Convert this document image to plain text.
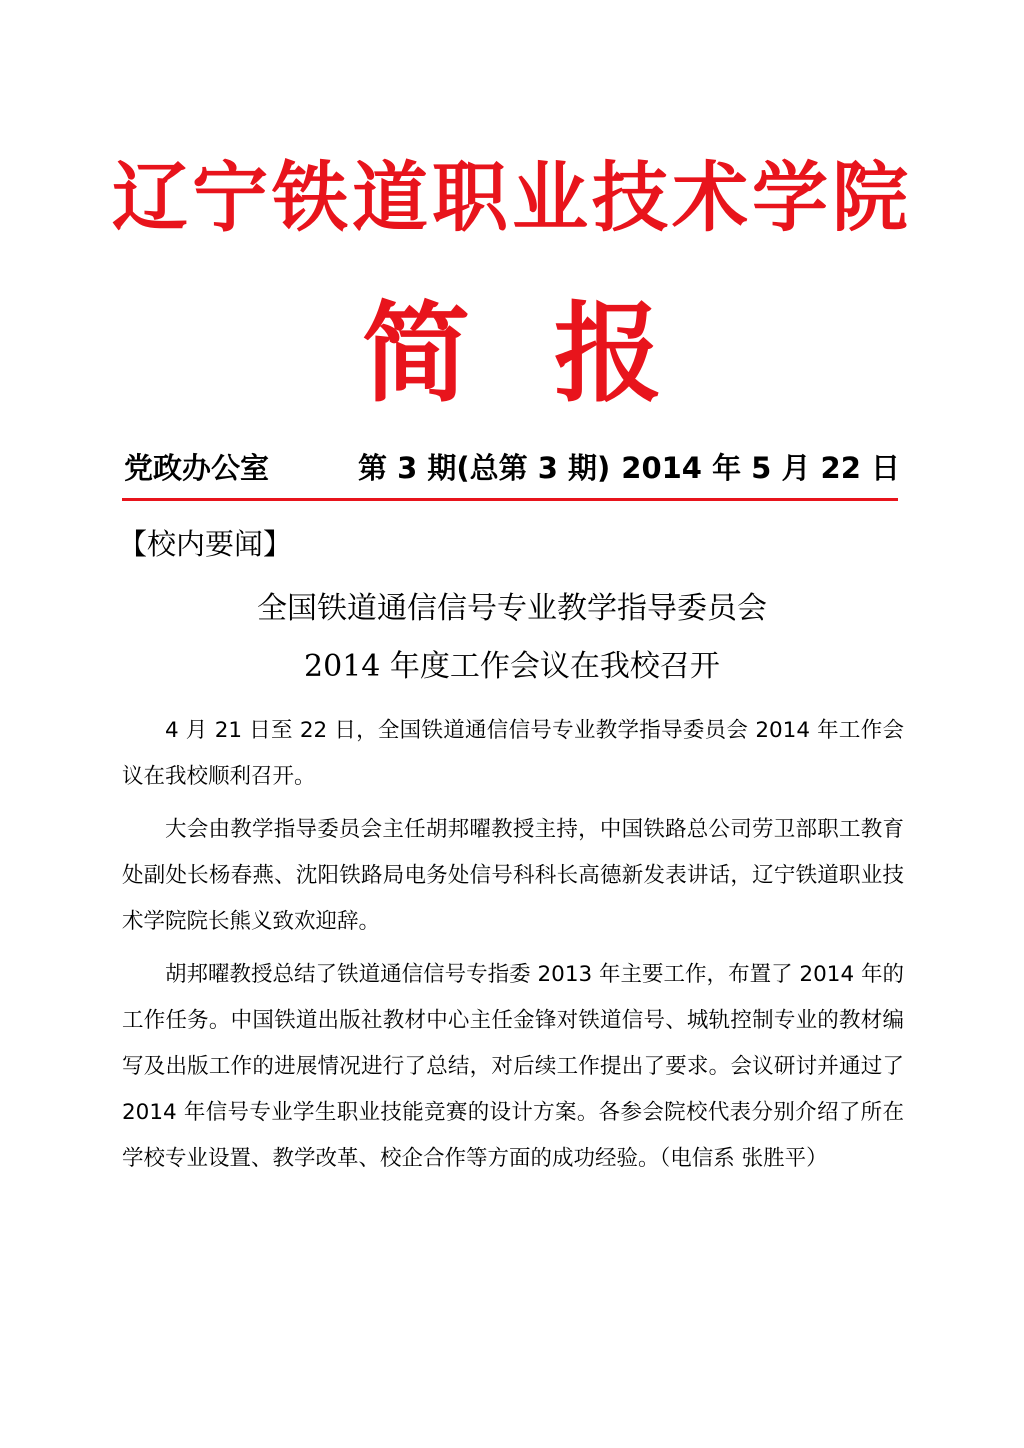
辽宁铁道职业技术学院
简 报
党政办公室	第 3 期(总第 3 期) 2014 年 5 月 22 日
【校内要闻】
全国铁道通信信号专业教学指导委员会
2014 年度工作会议在我校召开

4 月 21 日至 22 日，全国铁道通信信号专业教学指导委员会 2014 年工作会议在我校顺利召开。

大会由教学指导委员会主任胡邦曜教授主持，中国铁路总公司劳卫部职工教育处副处长杨春燕、沈阳铁路局电务处信号科科长高德新发表讲话，辽宁铁道职业技术学院院长熊义致欢迎辞。

胡邦曜教授总结了铁道通信信号专指委 2013 年主要工作，布置了 2014 年的工作任务。中国铁道出版社教材中心主任金锋对铁道信号、城轨控制专业的教材编写及出版工作的进展情况进行了总结，对后续工作提出了要求。会议研讨并通过了 2014 年信号专业学生职业技能竞赛的设计方案。各参会院校代表分别介绍了所在学校专业设置、教学改革、校企合作等方面的成功经验。（电信系 张胜平）
